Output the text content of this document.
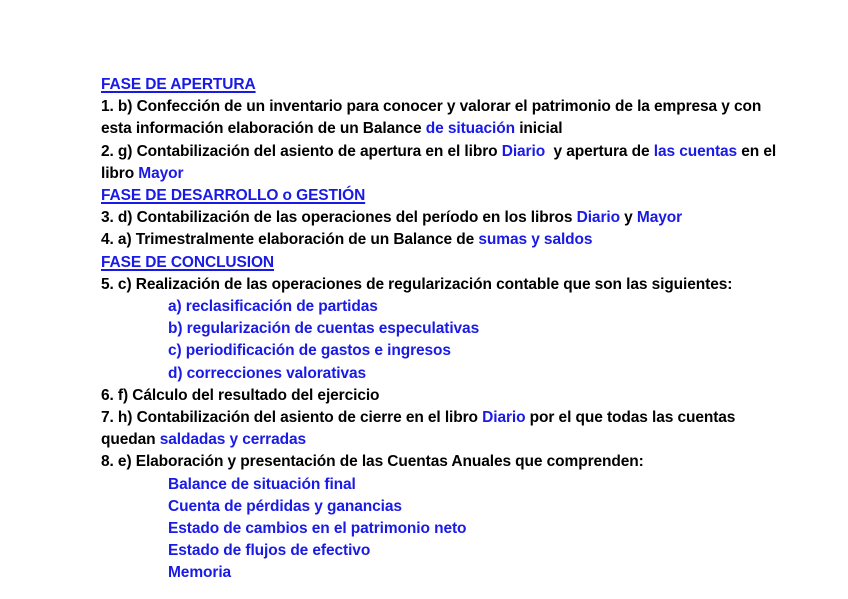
FASE DE APERTURA
1. b) Confección de un inventario para conocer y valorar el patrimonio de la empresa y con esta información elaboración de un Balance de situación inicial
2. g) Contabilización del asiento de apertura en el libro Diario  y apertura de las cuentas en el  libro Mayor
FASE DE DESARROLLO o GESTIÓN
3. d) Contabilización de las operaciones del período en los libros Diario y Mayor
4. a) Trimestralmente elaboración de un Balance de sumas y saldos
FASE DE CONCLUSION
5. c) Realización de las operaciones de regularización contable que son las siguientes:
a) reclasificación de partidas
b) regularización de cuentas especulativas
c) periodificación de gastos e ingresos
d) correcciones valorativas
6. f) Cálculo del resultado del ejercicio
7. h) Contabilización del asiento de cierre en el libro Diario por el que todas las cuentas quedan saldadas y cerradas
8. e) Elaboración y presentación de las Cuentas Anuales que comprenden:
Balance de situación final
Cuenta de pérdidas y ganancias
Estado de cambios en el patrimonio neto
Estado de flujos de efectivo
Memoria
